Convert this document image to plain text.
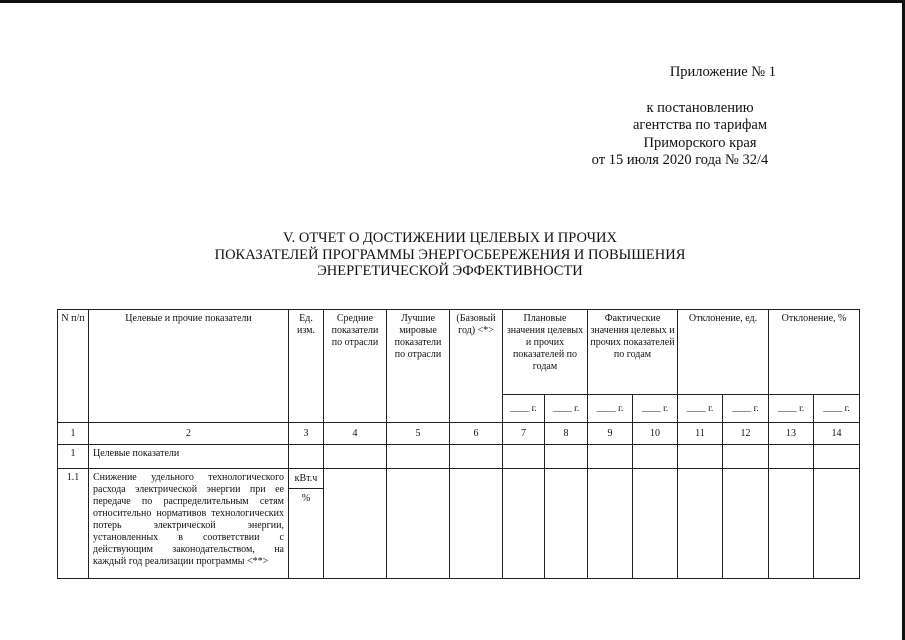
Приложение № 1
к постановлению
агентства по тарифам
Приморского края
от 15 июля 2020 года № 32/4
V. ОТЧЕТ О ДОСТИЖЕНИИ ЦЕЛЕВЫХ И ПРОЧИХ
ПОКАЗАТЕЛЕЙ ПРОГРАММЫ ЭНЕРГОСБЕРЕЖЕНИЯ И ПОВЫШЕНИЯ
ЭНЕРГЕТИЧЕСКОЙ ЭФФЕКТИВНОСТИ
N п/п	Целевые и прочие показатели	Ед. изм.	Средние показатели по отрасли	Лучшие мировые показатели по отрасли	(Базовый год) <*>	Плановые значения целевых и прочих показателей по годам		Фактические значения целевых и прочих показателей по годам		Отклонение, ед.		Отклонение, %	
						____ г.	____ г.	____ г.	____ г.	____ г.	____ г.	____ г.	____ г.
1	2	3	4	5	6	7	8	9	10	11	12	13	14
1	Целевые показатели												
1.1	Снижение удельного технологического расхода электрической энергии при ее передаче по распределительным сетям относительно нормативов технологических потерь электрической энергии, установленных в соответствии с действующим законодательством, на каждый год реализации программы <**>	кВт.ч
%											
